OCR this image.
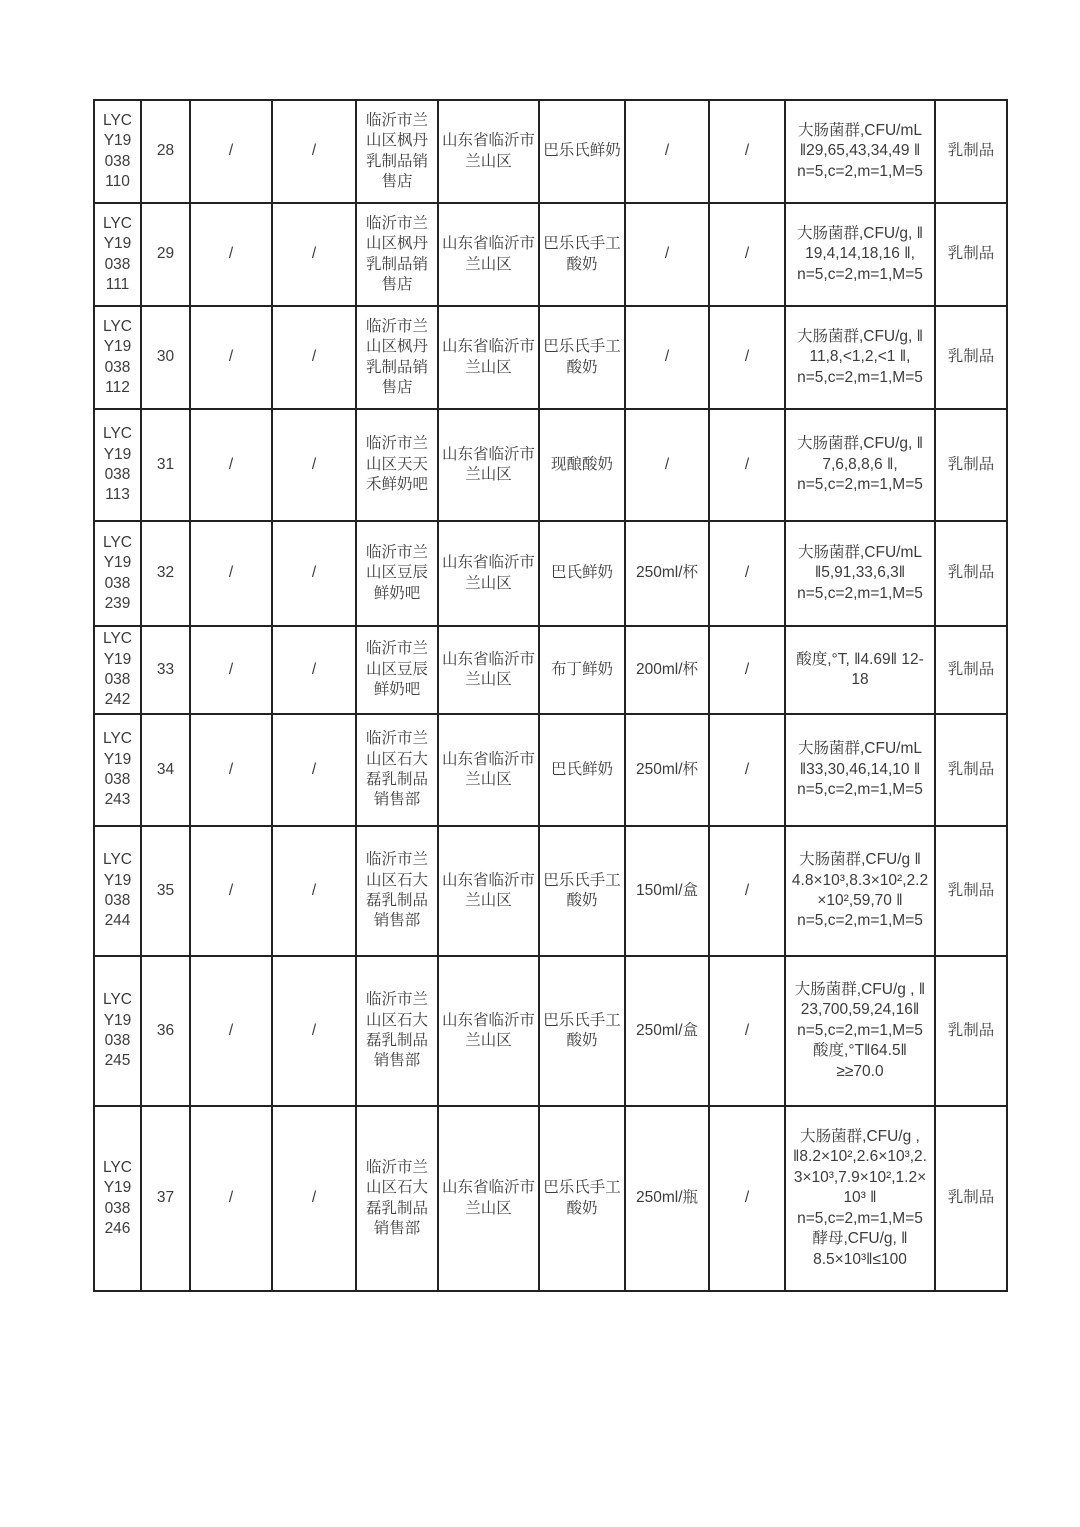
LYC Y19 038 110	28	/	/	临沂市兰山区枫丹乳制品销售店	山东省临沂市兰山区	巴乐氏鲜奶	/	/	大肠菌群,CFU/mL ‖29,65,43,34,49 ‖ n=5,c=2,m=1,M=5	乳制品
LYC Y19 038 111	29	/	/	临沂市兰山区枫丹乳制品销售店	山东省临沂市兰山区	巴乐氏手工酸奶	/	/	大肠菌群,CFU/g, ‖ 19,4,14,18,16 ‖, n=5,c=2,m=1,M=5	乳制品
LYC Y19 038 112	30	/	/	临沂市兰山区枫丹乳制品销售店	山东省临沂市兰山区	巴乐氏手工酸奶	/	/	大肠菌群,CFU/g, ‖ 11,8,<1,2,<1 ‖, n=5,c=2,m=1,M=5	乳制品
LYC Y19 038 113	31	/	/	临沂市兰山区天天禾鲜奶吧	山东省临沂市兰山区	现酿酸奶	/	/	大肠菌群,CFU/g, ‖ 7,6,8,8,6 ‖, n=5,c=2,m=1,M=5	乳制品
LYC Y19 038 239	32	/	/	临沂市兰山区豆辰鲜奶吧	山东省临沂市兰山区	巴氏鲜奶	250ml/杯	/	大肠菌群,CFU/mL ‖5,91,33,6,3‖ n=5,c=2,m=1,M=5	乳制品
LYC Y19 038 242	33	/	/	临沂市兰山区豆辰鲜奶吧	山东省临沂市兰山区	布丁鲜奶	200ml/杯	/	酸度,°T, ‖4.69‖ 12-18	乳制品
LYC Y19 038 243	34	/	/	临沂市兰山区石大磊乳制品销售部	山东省临沂市兰山区	巴氏鲜奶	250ml/杯	/	大肠菌群,CFU/mL ‖33,30,46,14,10 ‖ n=5,c=2,m=1,M=5	乳制品
LYC Y19 038 244	35	/	/	临沂市兰山区石大磊乳制品销售部	山东省临沂市兰山区	巴乐氏手工酸奶	150ml/盒	/	大肠菌群,CFU/g ‖ 4.8×10³,8.3×10²,2.2×10²,59,70 ‖ n=5,c=2,m=1,M=5	乳制品
LYC Y19 038 245	36	/	/	临沂市兰山区石大磊乳制品销售部	山东省临沂市兰山区	巴乐氏手工酸奶	250ml/盒	/	大肠菌群,CFU/g , ‖ 23,700,59,24,16‖ n=5,c=2,m=1,M=5 酸度,°T‖64.5‖ ≥≥70.0	乳制品
LYC Y19 038 246	37	/	/	临沂市兰山区石大磊乳制品销售部	山东省临沂市兰山区	巴乐氏手工酸奶	250ml/瓶	/	大肠菌群,CFU/g , ‖8.2×10²,2.6×10³,2.3×10³,7.9×10²,1.2×10³ ‖ n=5,c=2,m=1,M=5 酵母,CFU/g, ‖ 8.5×10³‖≤100	乳制品
